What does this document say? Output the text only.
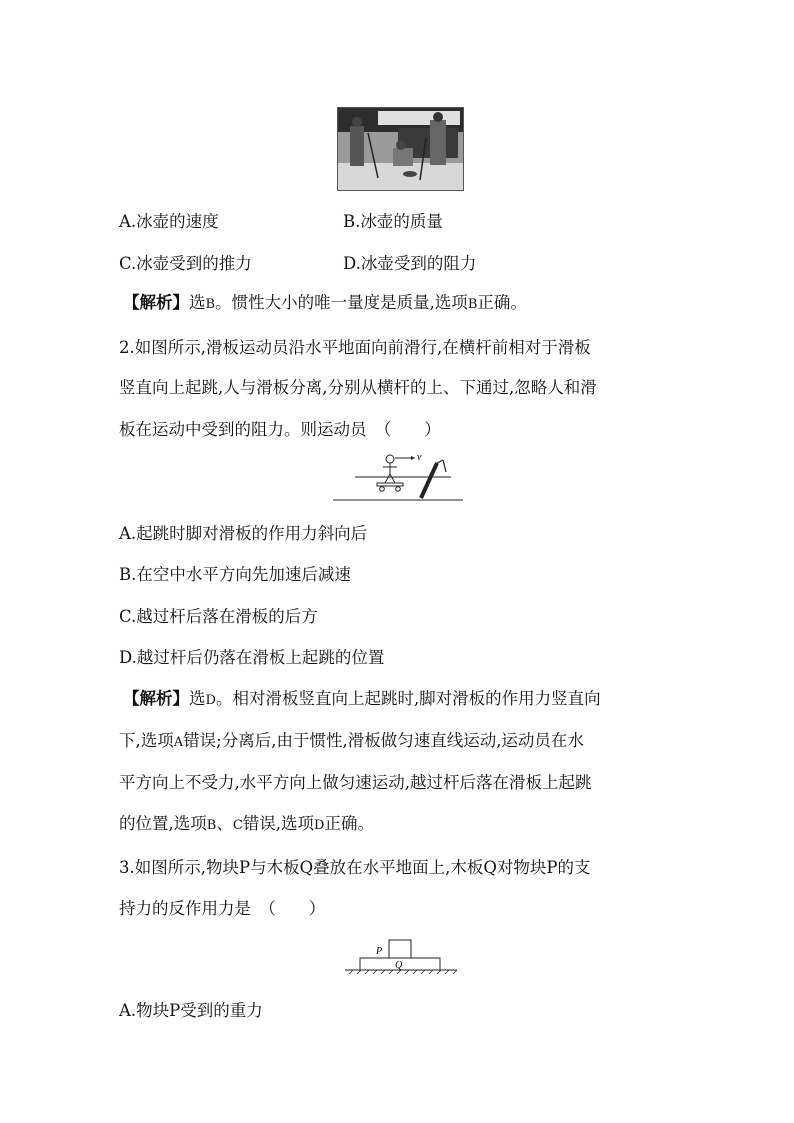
A.冰壶的速度	B.冰壶的质量
C.冰壶受到的推力	D.冰壶受到的阻力
【解析】选B。惯性大小的唯一量度是质量,选项B正确。
2.如图所示,滑板运动员沿水平地面向前滑行,在横杆前相对于滑板
竖直向上起跳,人与滑板分离,分别从横杆的上、下通过,忽略人和滑
板在运动中受到的阻力。则运动员　（　　）
v
A.起跳时脚对滑板的作用力斜向后
B.在空中水平方向先加速后减速
C.越过杆后落在滑板的后方
D.越过杆后仍落在滑板上起跳的位置
【解析】选D。相对滑板竖直向上起跳时,脚对滑板的作用力竖直向
下,选项A错误;分离后,由于惯性,滑板做匀速直线运动,运动员在水
平方向上不受力,水平方向上做匀速运动,越过杆后落在滑板上起跳
的位置,选项B、C错误,选项D正确。
3.如图所示,物块P与木板Q叠放在水平地面上,木板Q对物块P的支
持力的反作用力是　（　　）
P
Q
A.物块P受到的重力
